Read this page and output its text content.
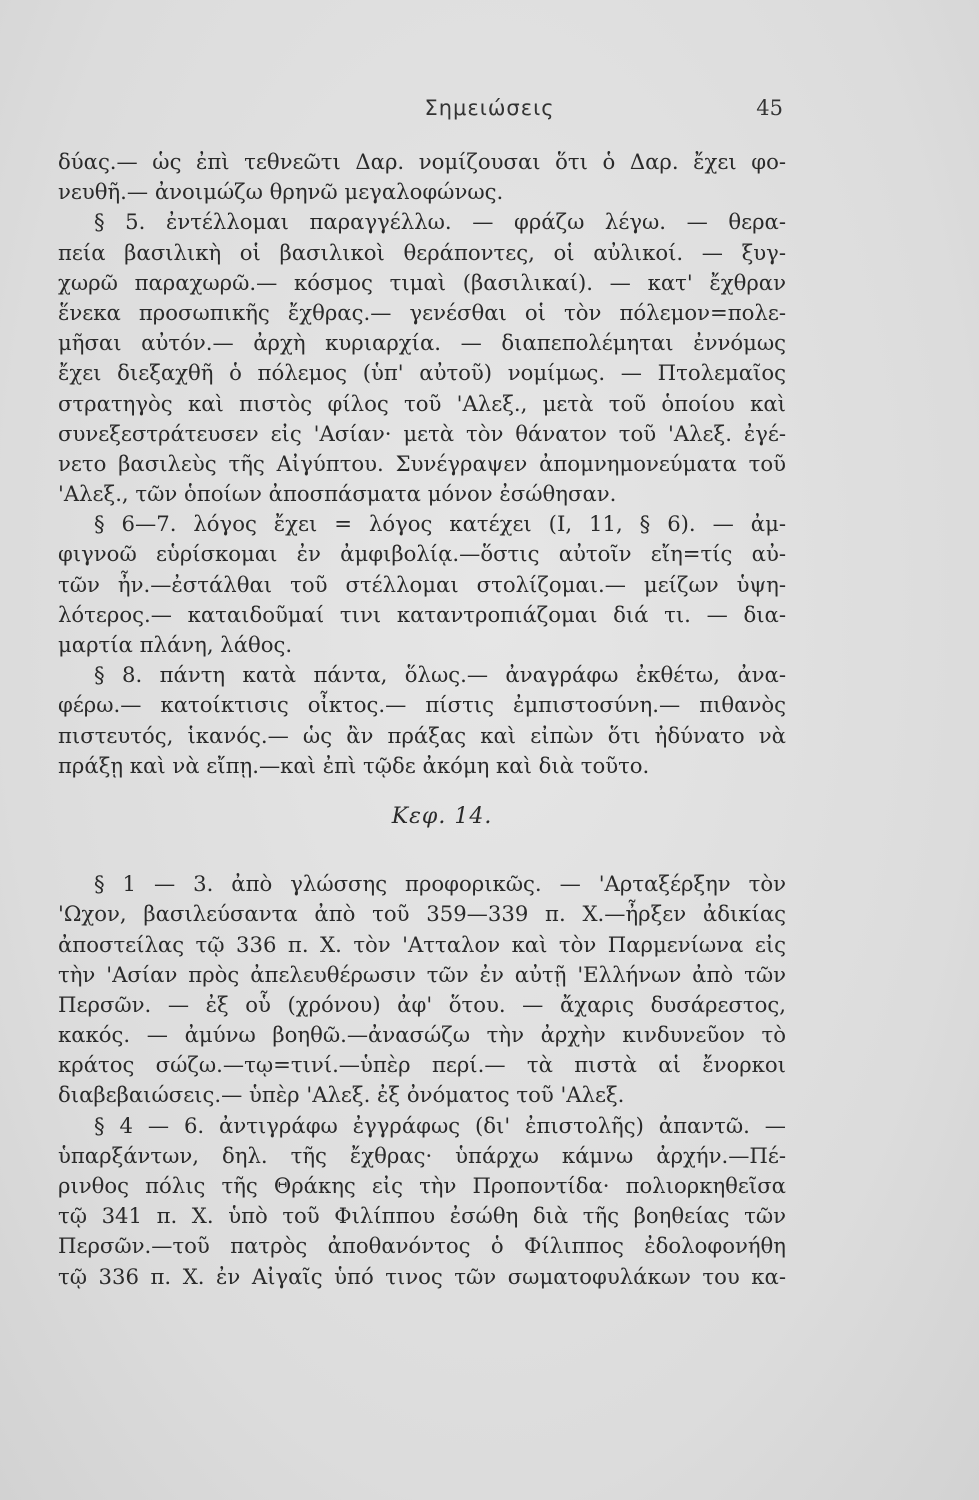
Σημειώσεις	45
δύας.— ὡς ἐπὶ τεθνεῶτι Δαρ. νομίζουσαι ὅτι ὁ Δαρ. ἔχει φο-
νευθῆ.— ἀνοιμώζω θρηνῶ μεγαλοφώνως.
§ 5. ἐντέλλομαι παραγγέλλω. — φράζω λέγω. — θερα-
πεία βασιλικὴ οἱ βασιλικοὶ θεράποντες, οἱ αὐλικοί. — ξυγ-
χωρῶ παραχωρῶ.— κόσμος τιμαὶ (βασιλικαί). — κατ' ἔχθραν
ἕνεκα προσωπικῆς ἔχθρας.— γενέσθαι οἱ τὸν πόλεμον=πολε-
μῆσαι αὐτόν.— ἀρχὴ κυριαρχία. — διαπεπολέμηται ἐννόμως
ἔχει διεξαχθῆ ὁ πόλεμος (ὑπ' αὐτοῦ) νομίμως. — Πτολεμαῖος
στρατηγὸς καὶ πιστὸς φίλος τοῦ 'Αλεξ., μετὰ τοῦ ὁποίου καὶ
συνεξεστράτευσεν εἰς 'Ασίαν· μετὰ τὸν θάνατον τοῦ 'Αλεξ. ἐγέ-
νετο βασιλεὺς τῆς Αἰγύπτου. Συνέγραψεν ἀπομνημονεύματα τοῦ
'Αλεξ., τῶν ὁποίων ἀποσπάσματα μόνον ἐσώθησαν.
§ 6—7. λόγος ἔχει = λόγος κατέχει (I, 11, § 6). — ἀμ-
φιγνοῶ εὑρίσκομαι ἐν ἀμφιβολίᾳ.—ὅστις αὐτοῖν εἴη=τίς αὐ-
τῶν ἦν.—ἐστάλθαι τοῦ στέλλομαι στολίζομαι.— μείζων ὑψη-
λότερος.— καταιδοῦμαί τινι καταντροπιάζομαι διά τι. — δια-
μαρτία πλάνη, λάθος.
§ 8. πάντη κατὰ πάντα, ὅλως.— ἀναγράφω ἐκθέτω, ἀνα-
φέρω.— κατοίκτισις οἶκτος.— πίστις ἐμπιστοσύνη.— πιθανὸς
πιστευτός, ἱκανός.— ὡς ἂν πράξας καὶ εἰπὼν ὅτι ἠδύνατο νὰ
πράξῃ καὶ νὰ εἴπῃ.—καὶ ἐπὶ τῷδε ἀκόμη καὶ διὰ τοῦτο.
Κεφ. 14.
§ 1 — 3. ἀπὸ γλώσσης προφορικῶς. — 'Αρταξέρξην τὸν
'Ωχον, βασιλεύσαντα ἀπὸ τοῦ 359—339 π. Χ.—ἦρξεν ἀδικίας
ἀποστείλας τῷ 336 π. Χ. τὸν 'Ατταλον καὶ τὸν Παρμενίωνα εἰς
τὴν 'Ασίαν πρὸς ἀπελευθέρωσιν τῶν ἐν αὐτῇ 'Ελλήνων ἀπὸ τῶν
Περσῶν. — ἐξ οὗ (χρόνου) ἀφ' ὅτου. — ἄχαρις δυσάρεστος,
κακός. — ἀμύνω βοηθῶ.—ἀνασώζω τὴν ἀρχὴν κινδυνεῦον τὸ
κράτος σώζω.—τῳ=τινί.—ὑπὲρ περί.— τὰ πιστὰ αἱ ἔνορκοι
διαβεβαιώσεις.— ὑπὲρ 'Αλεξ. ἐξ ὀνόματος τοῦ 'Αλεξ.
§ 4 — 6. ἀντιγράφω ἐγγράφως (δι' ἐπιστολῆς) ἀπαντῶ. —
ὑπαρξάντων, δηλ. τῆς ἔχθρας· ὑπάρχω κάμνω ἀρχήν.—Πέ-
ρινθος πόλις τῆς Θράκης εἰς τὴν Προποντίδα· πολιορκηθεῖσα
τῷ 341 π. Χ. ὑπὸ τοῦ Φιλίππου ἐσώθη διὰ τῆς βοηθείας τῶν
Περσῶν.—τοῦ πατρὸς ἀποθανόντος ὁ Φίλιππος ἐδολοφονήθη
τῷ 336 π. Χ. ἐν Αἰγαῖς ὑπό τινος τῶν σωματοφυλάκων του κα-
